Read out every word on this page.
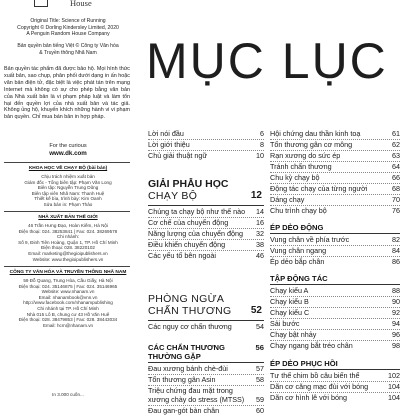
House
Original Title: Science of Running
Copyright © Dorling Kindersley Limited, 2020
A Penguin Random House Company
Bản quyền bản tiếng Việt © Công ty Văn hóa
& Truyền thông Nhã Nam
Bản quyền tác phẩm đã được bảo hộ. Mọi hình thức xuất bản, sao chụp, phân phối dưới dạng in ấn hoặc văn bản điện tử, đặc biệt là việc phát tán trên mạng Internet mà không có sự cho phép bằng văn bản của Nhà xuất bản là vi phạm pháp luật và làm tổn hại đến quyền lợi của nhà xuất bản và tác giả. Không ủng hộ, khuyến khích những hành vi vi phạm bản quyền. Chỉ mua bán bản in hợp pháp.
For the curious
www.dk.com
KHOA HỌC VỀ CHẠY BỘ (bài bản)
Chịu trách nhiệm xuất bản
Giám đốc - Tổng biên tập: Phạm Văn Long
Biên tập: Nguyễn Trung Dũng
Biên tập viên Nhã Nam: Thanh Huệ
Thiết kế bìa, trình bày: Kim Oanh
Sửa bản in: Phạm Thảo
NHÀ XUẤT BẢN THẾ GIỚI
46 Trần Hưng Đạo, Hoàn Kiếm, Hà Nội
Điện thoại: 024. 38253841 | Fax: 024. 38269578
Chi nhánh:
Số 9, Đinh Tiên Hoàng, Quận 1, TP. Hồ Chí Minh
Điện thoại: 028. 38220102
Email: marketing@thegioipublishers.vn
Website: www.thegioipublishers.vn
CÔNG TY VĂN HÓA VÀ TRUYỀN THÔNG NHÃ NAM
59 Đỗ Quang, Trung Hòa, Cầu Giấy, Hà Nội
Điện thoại: 024. 35146875 | Fax: 024. 35146965
Website: www.nhanam.vn
Email: nhanambook@vnn.vn
http://www.facebook.com/nhanampublishing
Chi nhánh tại TP. Hồ Chí Minh
Nhà 015 Lô B, chung cư 43 Hồ Văn Huê
Điện thoại: 028. 38479853 | Fax: 028. 38443034
Email: hcm@nhanam.vn
In 3.000 cuốn...
MỤC LỤC
Lời nói đầu	6
Lời giới thiệu	8
Chủ giải thuật ngữ	10
GIẢI PHẪU HỌC
CHẠY BỘ	12
Chúng ta chạy bộ như thế nào	14
Cơ chế của chuyển động	16
Năng lượng của chuyển động	32
Điều khiển chuyển động	38
Các yếu tố bên ngoài	46
PHÒNG NGỪA
CHẤN THƯƠNG 52
Các nguy cơ chấn thương	54
CÁC CHẤN THƯƠNG
THƯỜNG GẶP
56
Đau xương bánh chè-đùi	57
Tổn thương gân Asin	58
Triệu chứng đau mặt trong
xương chày do stress (MTSS)	59
Đau gan-gót bàn chân	60
Hội chứng dau thần kinh toạ	61
Tổn thương gân cơ mông	62
Rạn xương do sức ép	63
Tránh chấn thương	64
Chu kỳ chạy bộ	66
Động tác chạy của từng người	68
Dáng chạy	70
Chu trình chạy bộ	76
ÉP DẺO ĐỘNG
Vung chân về phía trước	82
Vung chân ngang	84
Ép dẻo bắp chân	86
TẬP ĐỘNG TÁC
Chạy kiểu A	88
Chạy kiểu B	90
Chạy kiểu C	92
Sải bước	94
Chạy bật nhảy	96
Chạy ngang bắt tréo chân	98
ÉP DẺO PHỤC HỒI
Tư thế chim bồ câu biến thể	102
Dãn cơ căng mạc đùi với bóng	104
Dãn cơ hình lê với bóng	104
